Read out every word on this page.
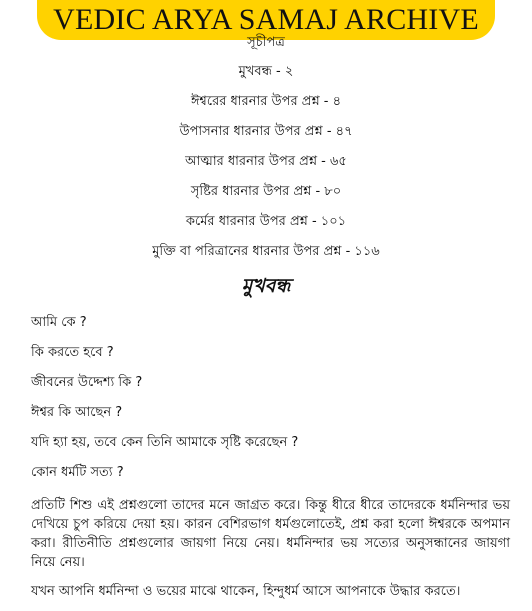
VEDIC ARYA SAMAJ ARCHIVE
সূচীপত্র
মুখবন্ধ - ২
ঈশ্বরের ধারনার উপর প্রশ্ন - ৪
উপাসনার ধারনার উপর প্রশ্ন - ৪৭
আত্মার ধারনার উপর প্রশ্ন - ৬৫
সৃষ্টির ধারনার উপর প্রশ্ন - ৮০
কর্মের ধারনার উপর প্রশ্ন - ১০১
মুক্তি বা পরিত্রানের ধারনার উপর প্রশ্ন - ১১৬
মুখবন্ধ

আমি কে ?

কি করতে হবে ?

জীবনের উদ্দেশ্য কি ?

ঈশ্বর কি আছেন ?

যদি হ্যা হয়, তবে কেন তিনি আমাকে সৃষ্টি করেছেন ?

কোন ধর্মটি সত্য ?

প্রতিটি শিশু এই প্রশ্নগুলো তাদের মনে জাগ্রত করে। কিন্তু ধীরে ধীরে তাদেরকে ধর্মনিন্দার ভয় দেখিয়ে চুপ করিয়ে দেয়া হয়। কারন বেশিরভাগ ধর্মগুলোতেই, প্রশ্ন করা হলো ঈশ্বরকে অপমান করা। রীতিনীতি প্রশ্নগুলোর জায়গা নিয়ে নেয়। ধর্মনিন্দার ভয় সত্যের অনুসন্ধানের জায়গা নিয়ে নেয়।

যখন আপনি ধর্মনিন্দা ও ভয়ের মাঝে থাকেন, হিন্দুধর্ম আসে আপনাকে উদ্ধার করতে।
